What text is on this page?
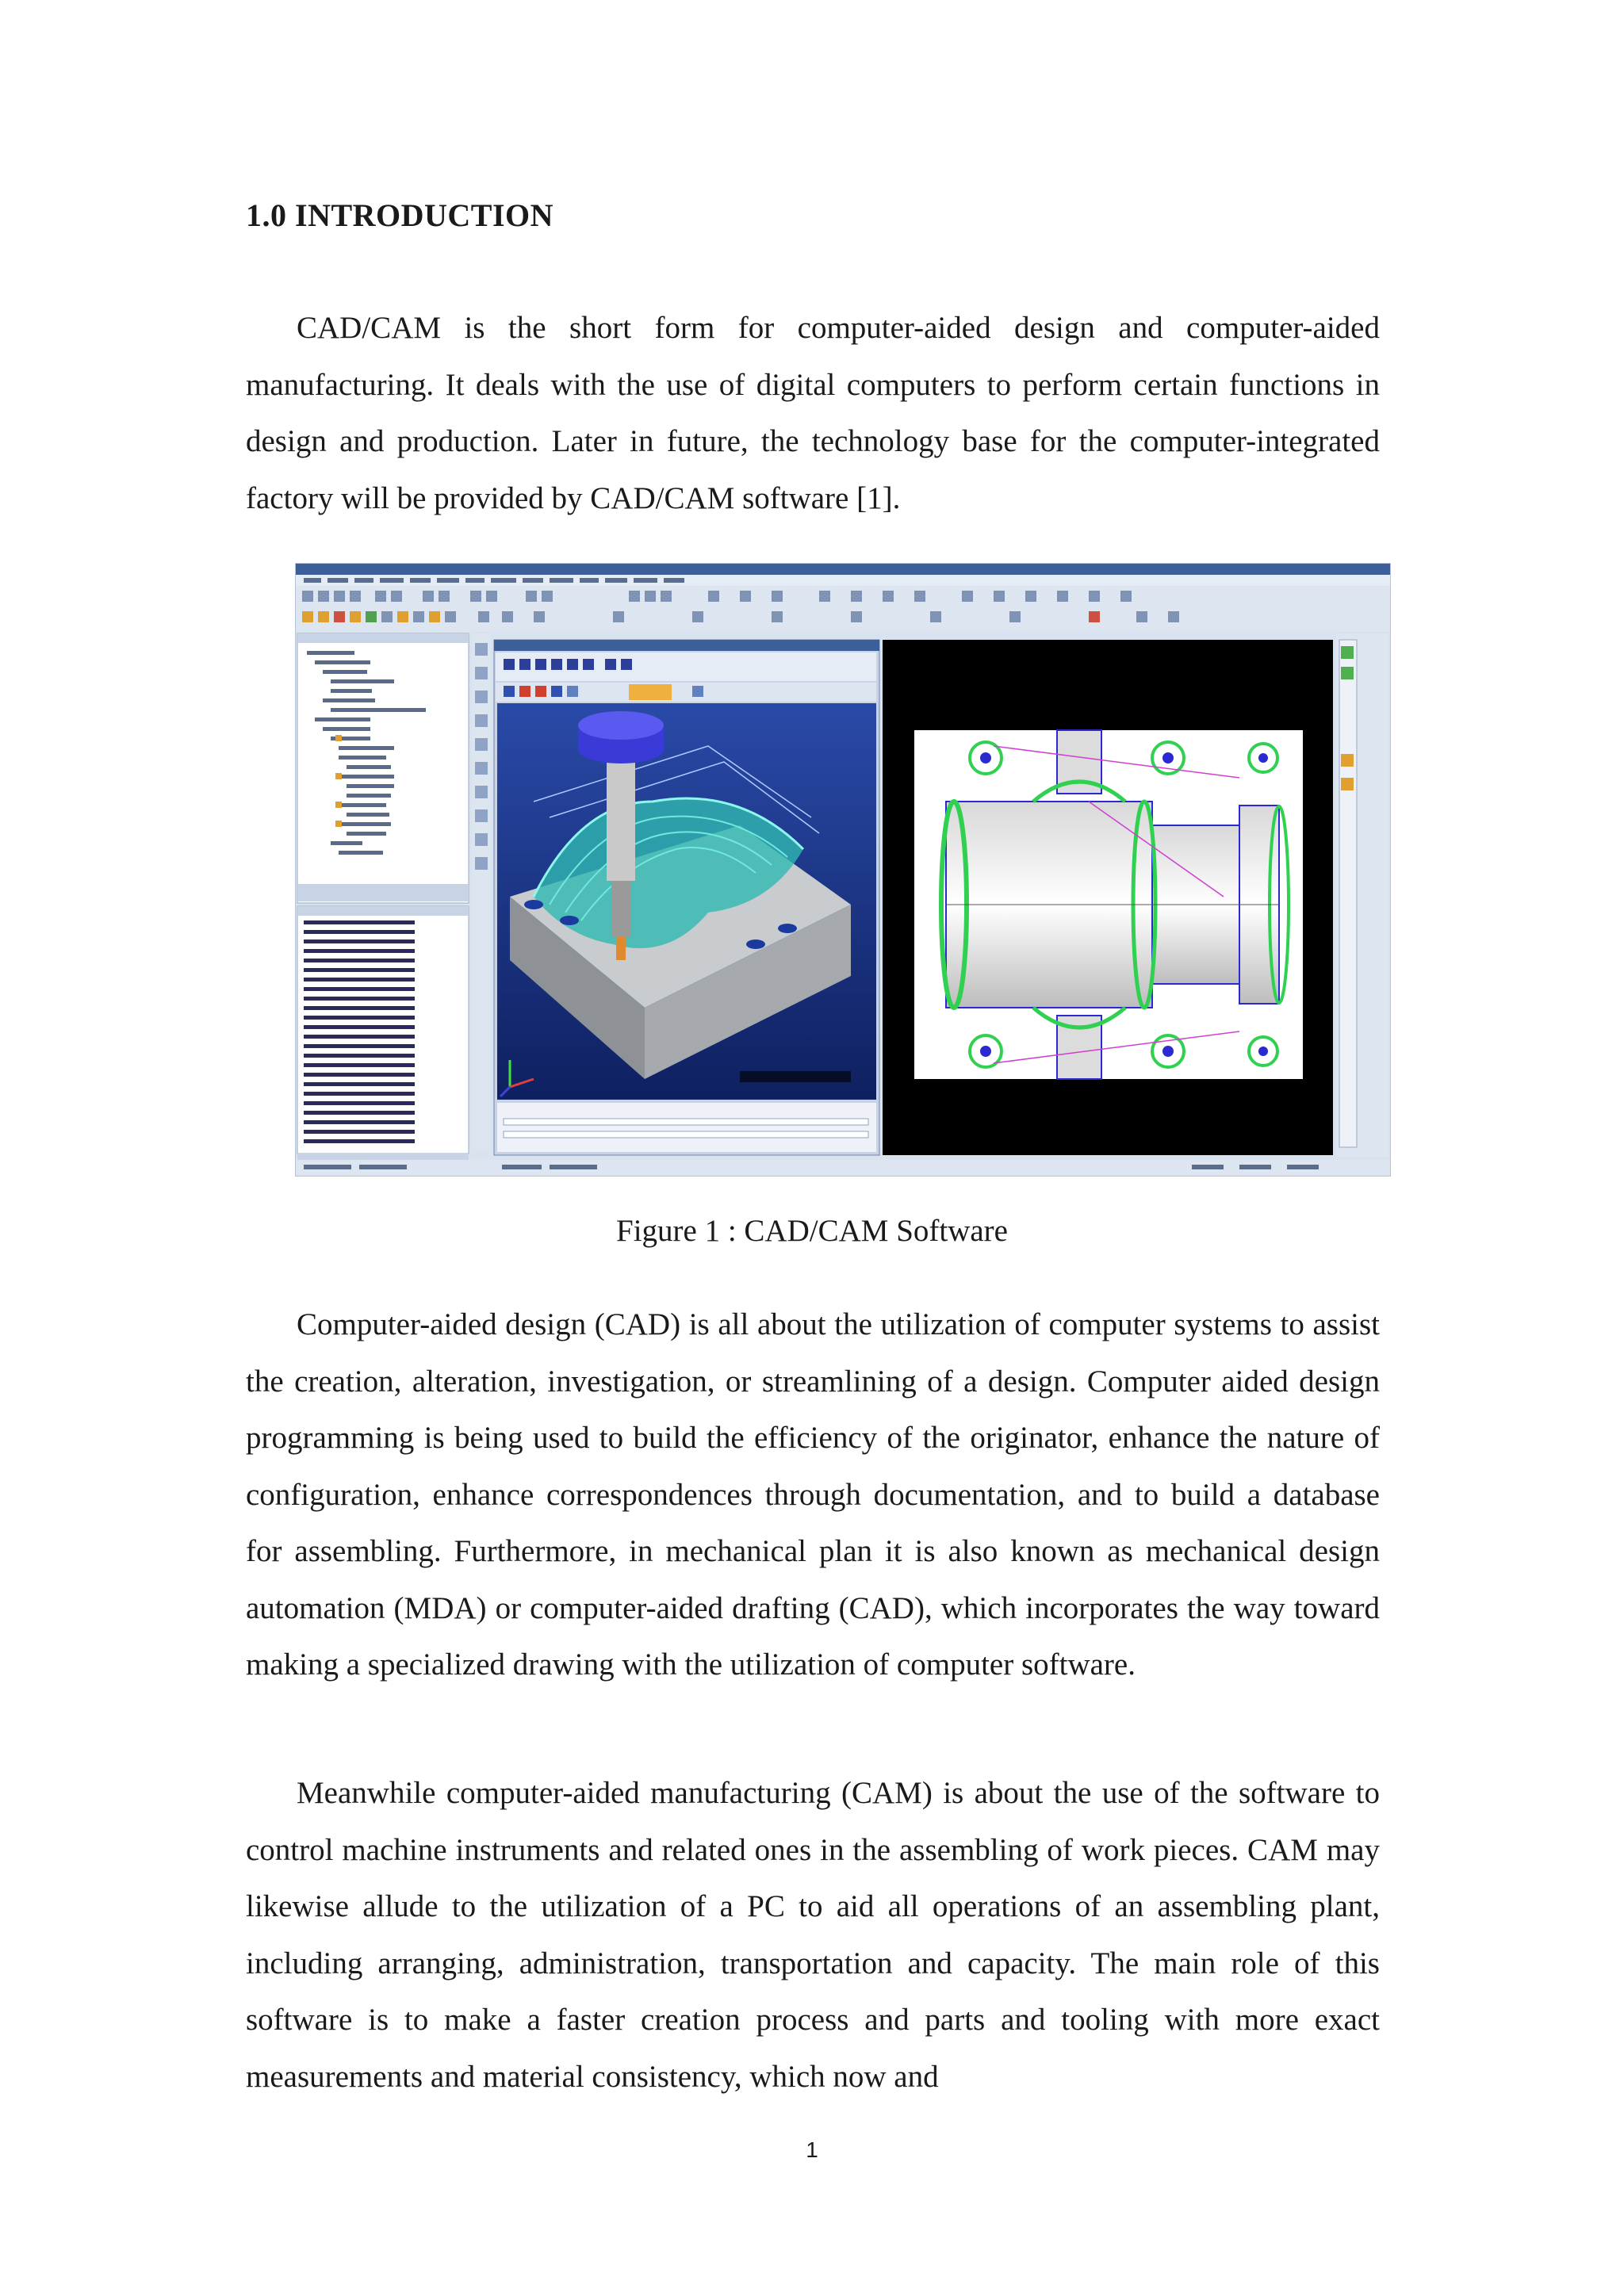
1.0 INTRODUCTION

CAD/CAM is the short form for computer-aided design and computer-aided manufacturing. It deals with the use of digital computers to perform certain functions in design and production. Later in future, the technology base for the computer-integrated factory will be provided by CAD/CAM software [1].

Figure 1 : CAD/CAM Software

Computer-aided design (CAD) is all about the utilization of computer systems to assist the creation, alteration, investigation, or streamlining of a design. Computer aided design programming is being used to build the efficiency of the originator, enhance the nature of configuration, enhance correspondences through documentation, and to build a database for assembling. Furthermore, in mechanical plan it is also known as mechanical design automation (MDA) or computer-aided drafting (CAD), which incorporates the way toward making a specialized drawing with the utilization of computer software.

Meanwhile computer-aided manufacturing (CAM) is about the use of the software to control machine instruments and related ones in the assembling of work pieces. CAM may likewise allude to the utilization of a PC to aid all operations of an assembling plant, including arranging, administration, transportation and capacity. The main role of this software is to make a faster creation process and parts and tooling with more exact measurements and material consistency, which now and

1
